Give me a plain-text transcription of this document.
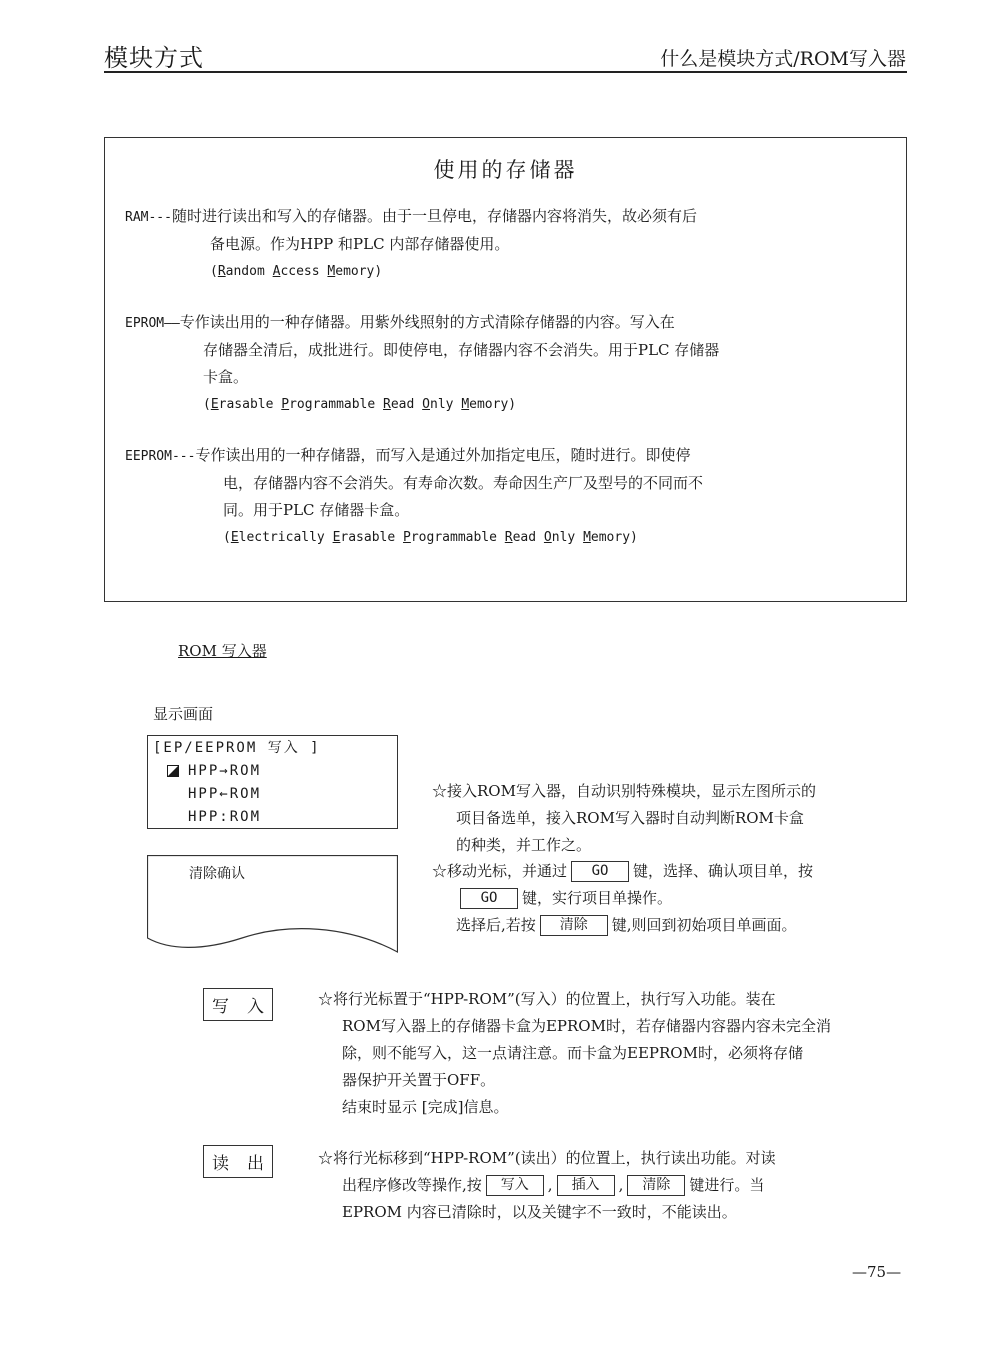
模块方式	什么是模块方式/ROM写入器
使用的存储器
RAM---随时进行读出和写入的存储器。由于一旦停电，存储器内容将消失，故必须有后
备电源。作为HPP 和PLC 内部存储器使用。
(Random Access Memory)
EPROM——专作读出用的一种存储器。用紫外线照射的方式清除存储器的内容。写入在
存储器全清后，成批进行。即使停电，存储器内容不会消失。用于PLC 存储器
卡盒。
(Erasable Programmable Read Only Memory)
EEPROM---专作读出用的一种存储器，而写入是通过外加指定电压，随时进行。即使停
电，存储器内容不会消失。有寿命次数。寿命因生产厂及型号的不同而不
同。用于PLC 存储器卡盒。
(Electrically Erasable Programmable Read Only Memory)
ROM 写入器
显示画面
[EP/EEPROM 写入 ]
HPP→ROM
HPP←ROM
HPP:ROM
清除确认
☆接入ROM写入器，自动识别特殊模块，显示左图所示的
项目备选单，接入ROM写入器时自动判断ROM卡盒
的种类，并工作之。
☆移动光标，并通过 GO 键，选择、确认项目单，按
GO 键，实行项目单操作。
选择后,若按 清除 键,则回到初始项目单画面。
写 入	☆将行光标置于“HPP-ROM”(写入）的位置上，执行写入功能。装在
ROM写入器上的存储器卡盒为EPROM时，若存储器内容器内容未完全消
除，则不能写入，这一点请注意。而卡盒为EEPROM时，必须将存储
器保护开关置于OFF。
结束时显示 [完成]信息。
读 出	☆将行光标移到“HPP-ROM”(读出）的位置上，执行读出功能。对读
出程序修改等操作,按 写入 , 插入 , 清除 键进行。当
EPROM 内容已清除时，以及关键字不一致时，不能读出。
—75—
